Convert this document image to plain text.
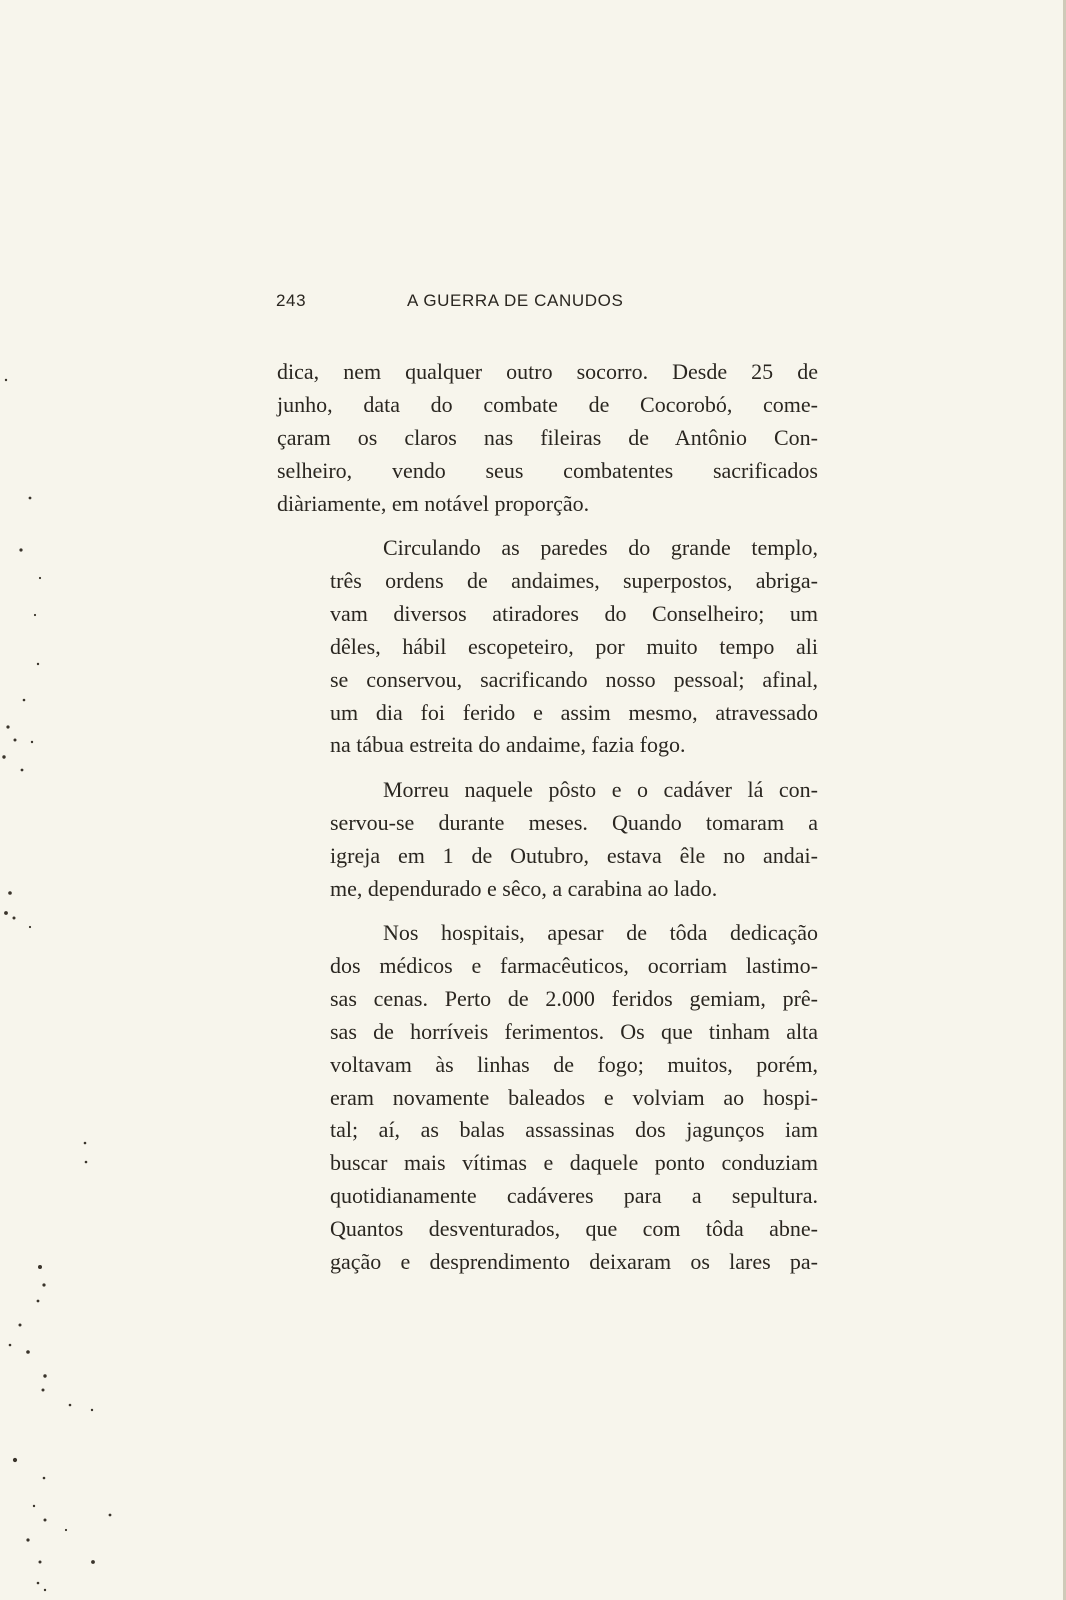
243	A GUERRA DE CANUDOS

dica, nem qualquer outro socorro. Desde 25 de
junho, data do combate de Cocorobó, come-
çaram os claros nas fileiras de Antônio Con-
selheiro, vendo seus combatentes sacrificados
diàriamente, em notável proporção.

Circulando as paredes do grande templo,
três ordens de andaimes, superpostos, abriga-
vam diversos atiradores do Conselheiro; um
dêles, hábil escopeteiro, por muito tempo ali
se conservou, sacrificando nosso pessoal; afinal,
um dia foi ferido e assim mesmo, atravessado
na tábua estreita do andaime, fazia fogo.

Morreu naquele pôsto e o cadáver lá con-
servou-se durante meses. Quando tomaram a
igreja em 1 de Outubro, estava êle no andai-
me, dependurado e sêco, a carabina ao lado.

Nos hospitais, apesar de tôda dedicação
dos médicos e farmacêuticos, ocorriam lastimo-
sas cenas. Perto de 2.000 feridos gemiam, prê-
sas de horríveis ferimentos. Os que tinham alta
voltavam às linhas de fogo; muitos, porém,
eram novamente baleados e volviam ao hospi-
tal; aí, as balas assassinas dos jagunços iam
buscar mais vítimas e daquele ponto conduziam
quotidianamente cadáveres para a sepultura.
Quantos desventurados, que com tôda abne-
gação e desprendimento deixaram os lares pa-
